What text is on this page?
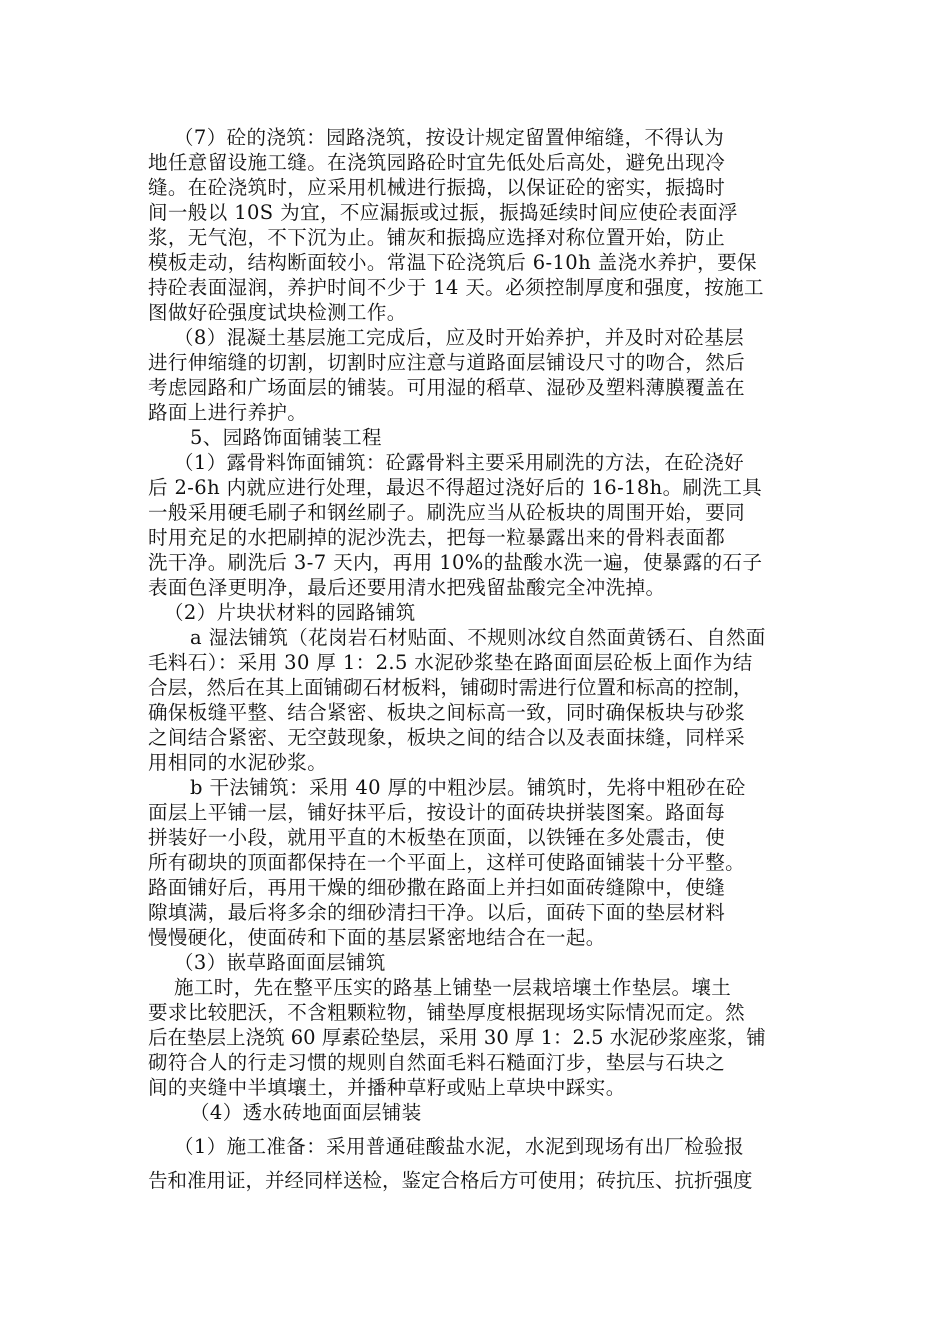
（7）砼的浇筑：园路浇筑，按设计规定留置伸缩缝，不得认为
地任意留设施工缝。在浇筑园路砼时宜先低处后高处，避免出现冷
缝。在砼浇筑时，应采用机械进行振捣，以保证砼的密实，振捣时
间一般以 10S 为宜，不应漏振或过振，振捣延续时间应使砼表面浮
浆，无气泡，不下沉为止。铺灰和振捣应选择对称位置开始，防止
模板走动，结构断面较小。常温下砼浇筑后 6-10h 盖浇水养护，要保
持砼表面湿润，养护时间不少于 14 天。必须控制厚度和强度，按施工
图做好砼强度试块检测工作。
（8）混凝土基层施工完成后，应及时开始养护，并及时对砼基层
进行伸缩缝的切割，切割时应注意与道路面层铺设尺寸的吻合，然后
考虑园路和广场面层的铺装。可用湿的稻草、湿砂及塑料薄膜覆盖在
路面上进行养护。
5、园路饰面铺装工程
（1）露骨料饰面铺筑：砼露骨料主要采用刷洗的方法，在砼浇好
后 2-6h 内就应进行处理，最迟不得超过浇好后的 16-18h。刷洗工具
一般采用硬毛刷子和钢丝刷子。刷洗应当从砼板块的周围开始，要同
时用充足的水把刷掉的泥沙洗去，把每一粒暴露出来的骨料表面都
洗干净。刷洗后 3-7 天内，再用 10%的盐酸水洗一遍，使暴露的石子
表面色泽更明净，最后还要用清水把残留盐酸完全冲洗掉。
（2）片块状材料的园路铺筑
a 湿法铺筑（花岗岩石材贴面、不规则冰纹自然面黄锈石、自然面
毛料石）：采用 30 厚 1：2.5 水泥砂浆垫在路面面层砼板上面作为结
合层，然后在其上面铺砌石材板料，铺砌时需进行位置和标高的控制，
确保板缝平整、结合紧密、板块之间标高一致，同时确保板块与砂浆
之间结合紧密、无空鼓现象，板块之间的结合以及表面抹缝，同样采
用相同的水泥砂浆。
b 干法铺筑：采用 40 厚的中粗沙层。铺筑时，先将中粗砂在砼
面层上平铺一层，铺好抹平后，按设计的面砖块拼装图案。路面每
拼装好一小段，就用平直的木板垫在顶面，以铁锤在多处震击，使
所有砌块的顶面都保持在一个平面上，这样可使路面铺装十分平整。
路面铺好后，再用干燥的细砂撒在路面上并扫如面砖缝隙中，使缝
隙填满，最后将多余的细砂清扫干净。以后，面砖下面的垫层材料
慢慢硬化，使面砖和下面的基层紧密地结合在一起。
（3）嵌草路面面层铺筑
施工时，先在整平压实的路基上铺垫一层栽培壤土作垫层。壤土
要求比较肥沃，不含粗颗粒物，铺垫厚度根据现场实际情况而定。然
后在垫层上浇筑 60 厚素砼垫层，采用 30 厚 1：2.5 水泥砂浆座浆，铺
砌符合人的行走习惯的规则自然面毛料石糙面汀步，垫层与石块之
间的夹缝中半填壤土，并播种草籽或贴上草块中踩实。
（4）透水砖地面面层铺装
（1）施工准备：采用普通硅酸盐水泥，水泥到现场有出厂检验报
告和准用证，并经同样送检，鉴定合格后方可使用；砖抗压、抗折强度
